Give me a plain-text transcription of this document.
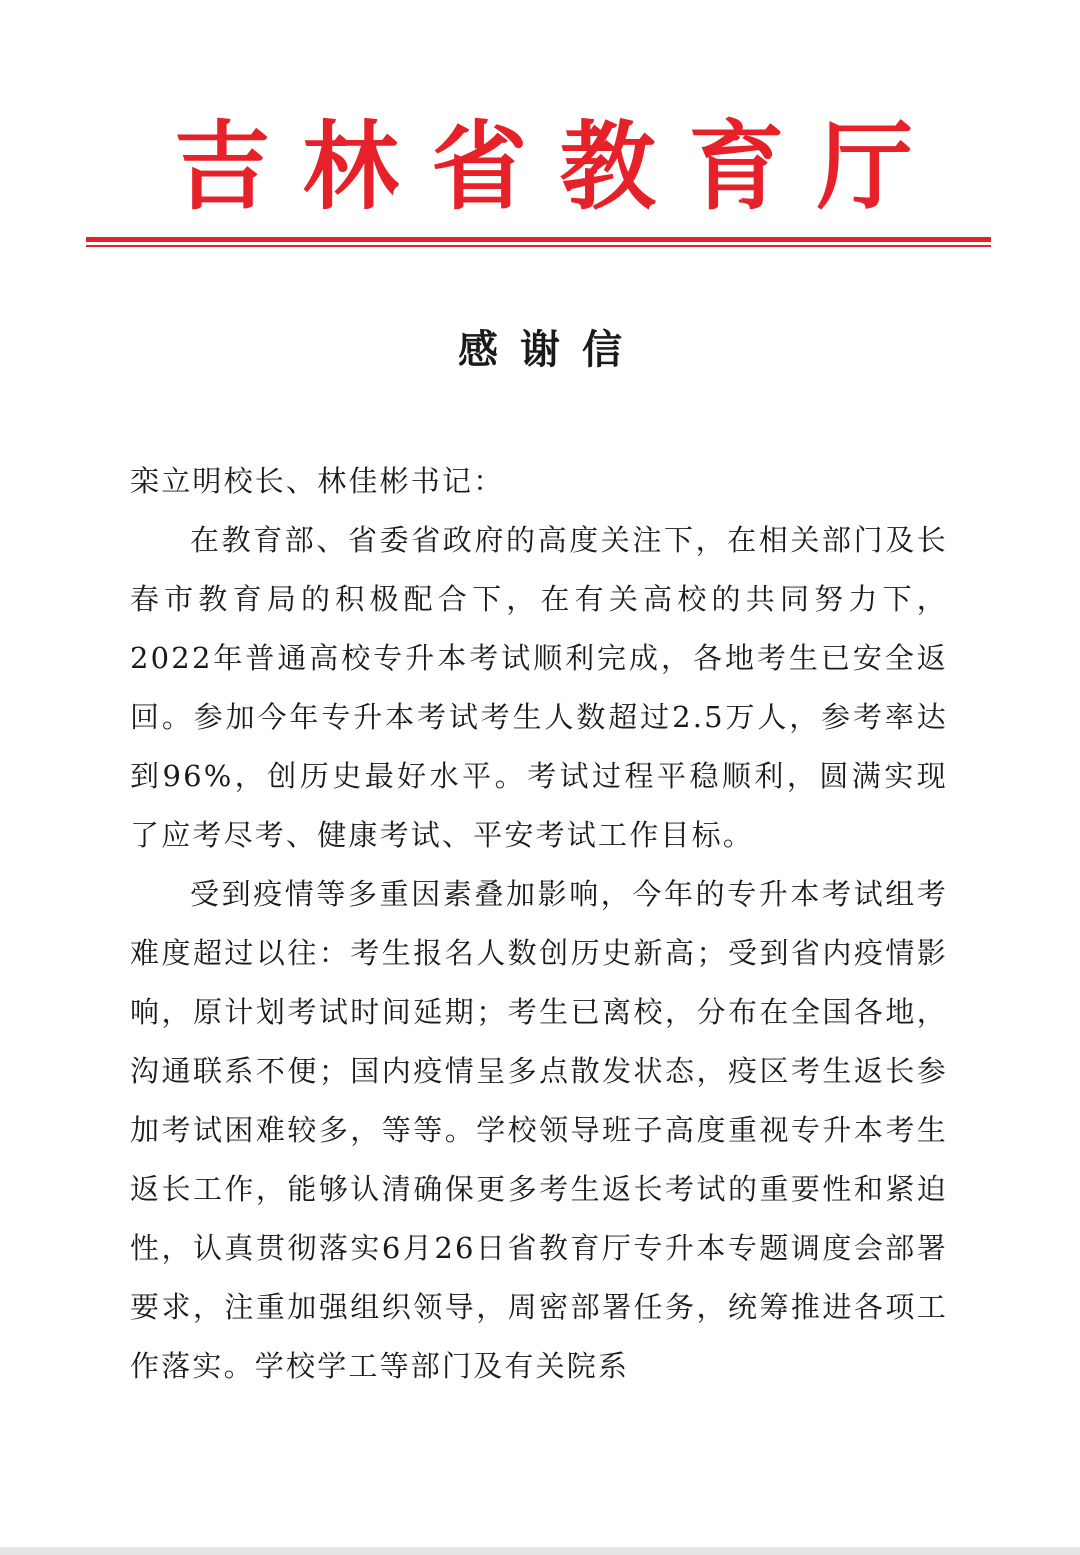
吉 林 省 教 育 厅
感谢信

栾立明校长、林佳彬书记：

在教育部、省委省政府的高度关注下，在相关部门及长春市教育局的积极配合下，在有关高校的共同努力下，2022年普通高校专升本考试顺利完成，各地考生已安全返回。参加今年专升本考试考生人数超过2.5万人，参考率达到96%，创历史最好水平。考试过程平稳顺利，圆满实现了应考尽考、健康考试、平安考试工作目标。

受到疫情等多重因素叠加影响，今年的专升本考试组考难度超过以往：考生报名人数创历史新高；受到省内疫情影响，原计划考试时间延期；考生已离校，分布在全国各地，沟通联系不便；国内疫情呈多点散发状态，疫区考生返长参加考试困难较多，等等。学校领导班子高度重视专升本考生返长工作，能够认清确保更多考生返长考试的重要性和紧迫性，认真贯彻落实6月26日省教育厅专升本专题调度会部署要求，注重加强组织领导，周密部署任务，统筹推进各项工作落实。学校学工等部门及有关院系
